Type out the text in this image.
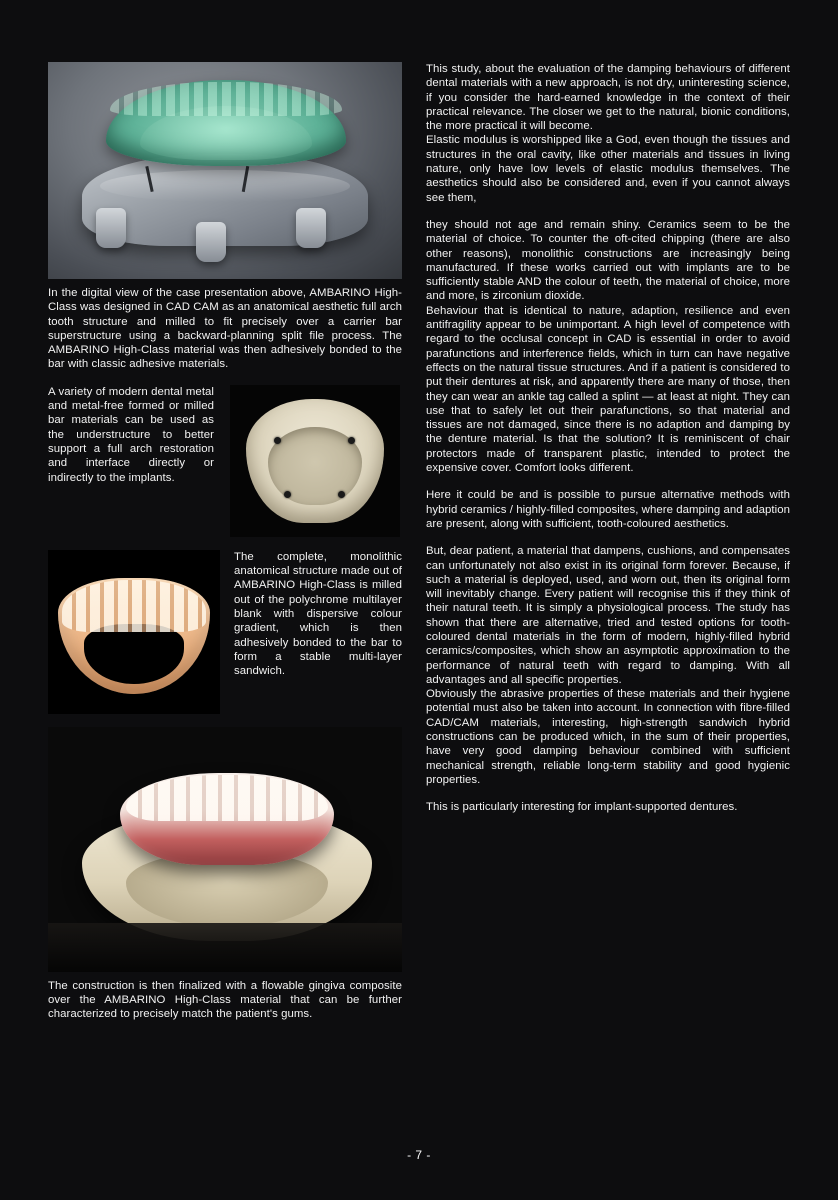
In the digital view of the case presentation above, AMBARINO High-Class was designed in CAD CAM as an anatomical aesthetic full arch tooth structure and milled to fit precisely over a carrier bar superstructure using a backward-planning split file process. The AMBARINO High-Class material was then adhesively bonded to the bar with classic adhesive materials.

A variety of modern dental metal and metal-free formed or milled bar materials can be used as the understructure to better support a full arch restoration and interface directly or indirectly to the implants.

The complete, monolithic anatomical structure made out of AMBARINO High-Class is milled out of the polychrome multilayer blank with dispersive colour gradient, which is then adhesively bonded to the bar to form a stable multi-layer sandwich.

The construction is then finalized with a flowable gingiva composite over the AMBARINO High-Class material that can be further characterized to precisely match the patient's gums.

This study, about the evaluation of the damping behaviours of different dental materials with a new approach, is not dry, uninteresting science, if you consider the hard-earned knowledge in the context of their practical relevance. The closer we get to the natural, bionic conditions, the more practical it will become.

Elastic modulus is worshipped like a God, even though the tissues and structures in the oral cavity, like other materials and tissues in living nature, only have low levels of elastic modulus themselves. The aesthetics should also be considered and, even if you cannot always see them,

they should not age and remain shiny. Ceramics seem to be the material of choice. To counter the oft-cited chipping (there are also other reasons), monolithic constructions are increasingly being manufactured. If these works carried out with implants are to be sufficiently stable AND the colour of teeth, the material of choice, more and more, is zirconium dioxide.

Behaviour that is identical to nature, adaption, resilience and even antifragility appear to be unimportant. A high level of competence with regard to the occlusal concept in CAD is essential in order to avoid parafunctions and interference fields, which in turn can have negative effects on the natural tissue structures. And if a patient is considered to put their dentures at risk, and apparently there are many of those, then they can wear an ankle tag called a splint — at least at night. They can use that to safely let out their parafunctions, so that material and tissues are not damaged, since there is no adaption and damping by the denture material. Is that the solution? It is reminiscent of chair protectors made of transparent plastic, intended to protect the expensive cover. Comfort looks different.

Here it could be and is possible to pursue alternative methods with hybrid ceramics / highly-filled composites, where damping and adaption are present, along with sufficient, tooth-coloured aesthetics.

But, dear patient, a material that dampens, cushions, and compensates can unfortunately not also exist in its original form forever. Because, if such a material is deployed, used, and worn out, then its original form will inevitably change. Every patient will recognise this if they think of their natural teeth. It is simply a physiological process. The study has shown that there are alternative, tried and tested options for tooth-coloured dental materials in the form of modern, highly-filled hybrid ceramics/composites, which show an asymptotic approximation to the performance of natural teeth with regard to damping. With all advantages and all specific properties.

Obviously the abrasive properties of these materials and their hygiene potential must also be taken into account. In connection with fibre-filled CAD/CAM materials, interesting, high-strength sandwich hybrid constructions can be produced which, in the sum of their properties, have very good damping behaviour combined with sufficient mechanical strength, reliable long-term stability and good hygienic properties.

This is particularly interesting for implant-supported dentures.

- 7 -
